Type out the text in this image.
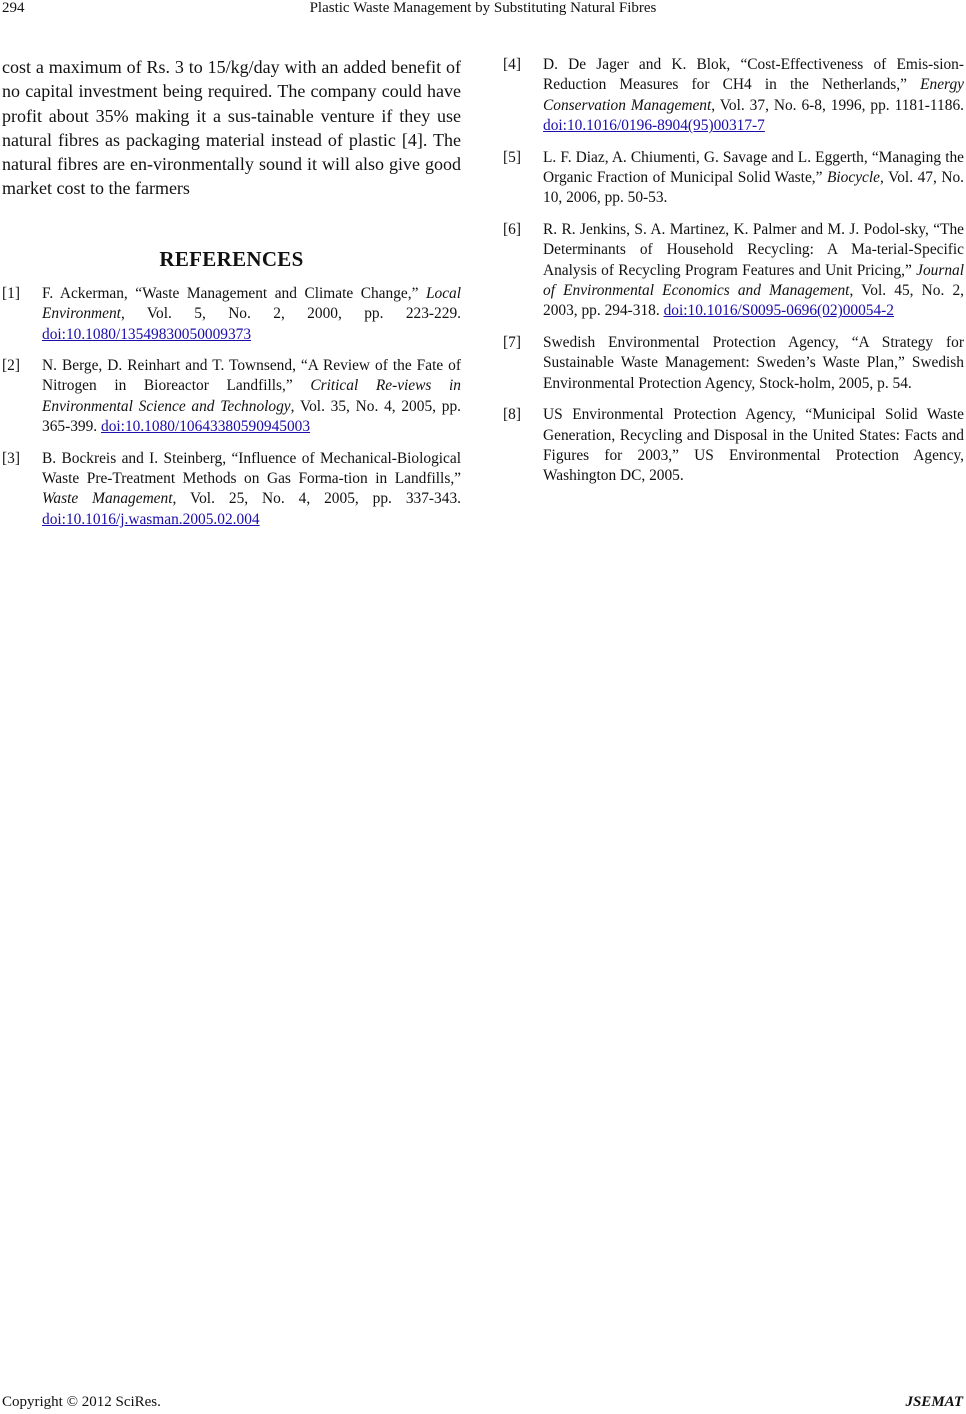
Plastic Waste Management by Substituting Natural Fibres
294

cost a maximum of Rs. 3 to 15/kg/day with an added benefit of no capital investment being required. The company could have profit about 35% making it a sus-tainable venture if they use natural fibres as packaging material instead of plastic [4]. The natural fibres are en-vironmentally sound it will also give good market cost to the farmers

REFERENCES
[1] F. Ackerman, “Waste Management and Climate Change,” Local Environment, Vol. 5, No. 2, 2000, pp. 223-229. doi:10.1080/13549830050009373
[2] N. Berge, D. Reinhart and T. Townsend, “A Review of the Fate of Nitrogen in Bioreactor Landfills,” Critical Re-views in Environmental Science and Technology, Vol. 35, No. 4, 2005, pp. 365-399. doi:10.1080/10643380590945003
[3] B. Bockreis and I. Steinberg, “Influence of Mechanical-Biological Waste Pre-Treatment Methods on Gas Forma-tion in Landfills,” Waste Management, Vol. 25, No. 4, 2005, pp. 337-343. doi:10.1016/j.wasman.2005.02.004
[4] D. De Jager and K. Blok, “Cost-Effectiveness of Emis-sion-Reduction Measures for CH4 in the Netherlands,” Energy Conservation Management, Vol. 37, No. 6-8, 1996, pp. 1181-1186. doi:10.1016/0196-8904(95)00317-7
[5] L. F. Diaz, A. Chiumenti, G. Savage and L. Eggerth, “Managing the Organic Fraction of Municipal Solid Waste,” Biocycle, Vol. 47, No. 10, 2006, pp. 50-53.
[6] R. R. Jenkins, S. A. Martinez, K. Palmer and M. J. Podol-sky, “The Determinants of Household Recycling: A Ma-terial-Specific Analysis of Recycling Program Features and Unit Pricing,” Journal of Environmental Economics and Management, Vol. 45, No. 2, 2003, pp. 294-318. doi:10.1016/S0095-0696(02)00054-2
[7] Swedish Environmental Protection Agency, “A Strategy for Sustainable Waste Management: Sweden’s Waste Plan,” Swedish Environmental Protection Agency, Stock-holm, 2005, p. 54.
[8] US Environmental Protection Agency, “Municipal Solid Waste Generation, Recycling and Disposal in the United States: Facts and Figures for 2003,” US Environmental Protection Agency, Washington DC, 2005.
Copyright © 2012 SciRes.	JSEMAT
